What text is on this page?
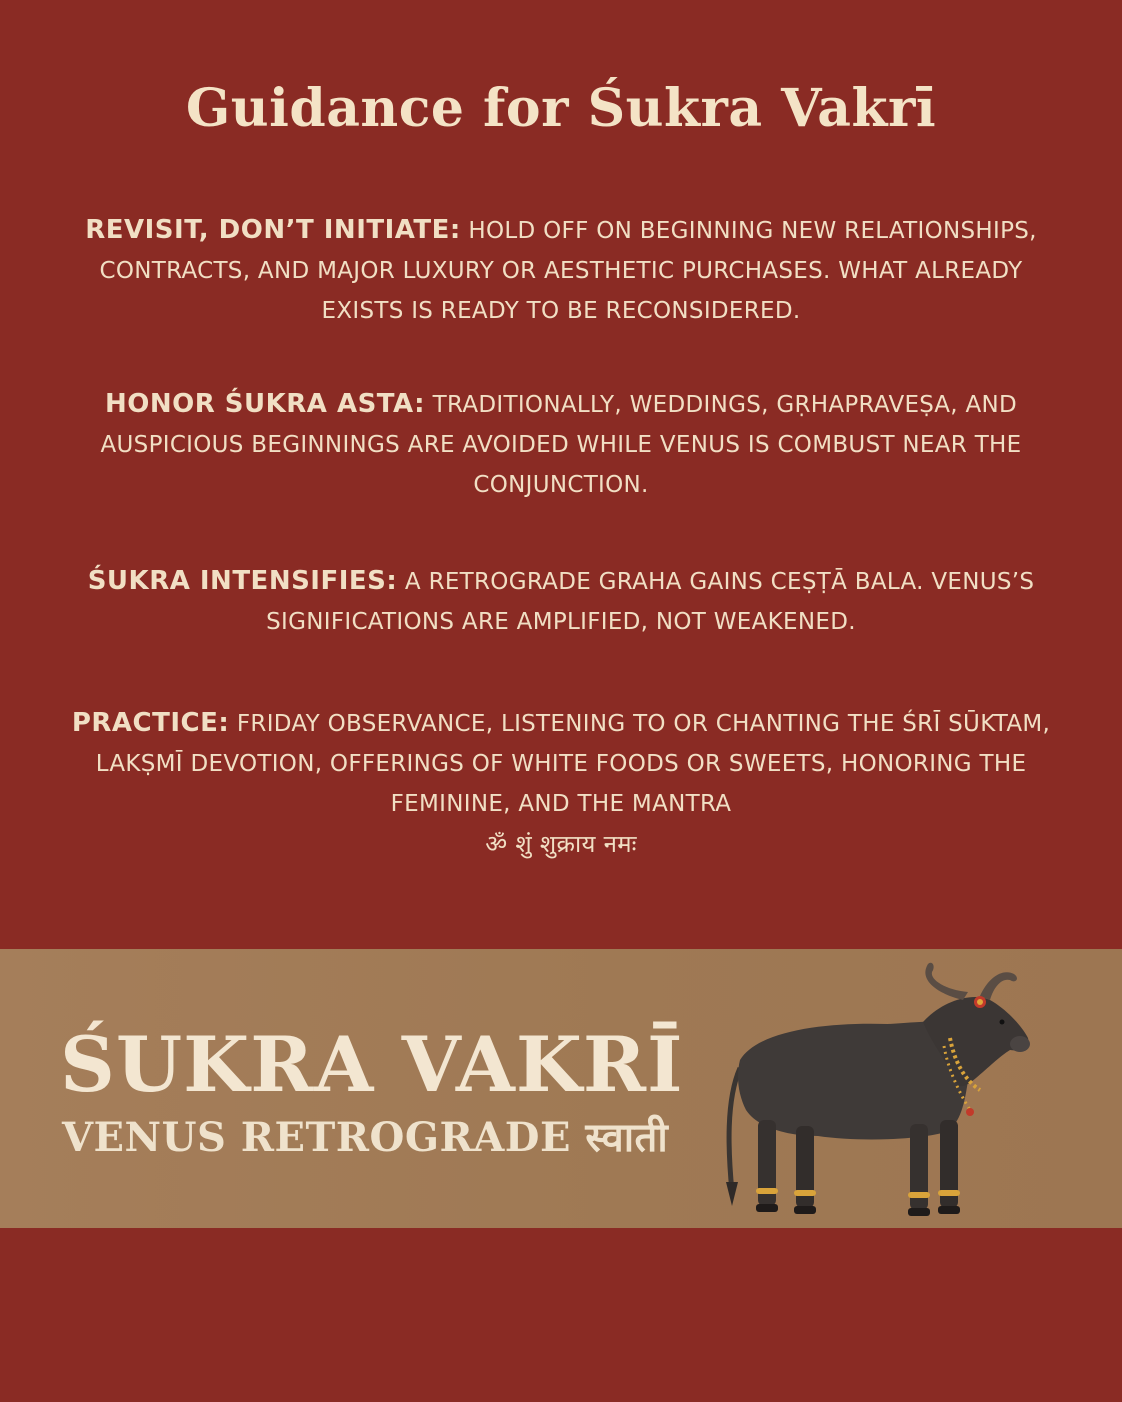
Guidance for Śukra Vakrī
REVISIT, DON’T INITIATE: HOLD OFF ON BEGINNING NEW RELATIONSHIPS, CONTRACTS, AND MAJOR LUXURY OR AESTHETIC PURCHASES. WHAT ALREADY EXISTS IS READY TO BE RECONSIDERED.
HONOR ŚUKRA ASTA: TRADITIONALLY, WEDDINGS, GṚHAPRAVEṢA, AND AUSPICIOUS BEGINNINGS ARE AVOIDED WHILE VENUS IS COMBUST NEAR THE CONJUNCTION.
ŚUKRA INTENSIFIES: A RETROGRADE GRAHA GAINS CEṢṬĀ BALA. VENUS’S SIGNIFICATIONS ARE AMPLIFIED, NOT WEAKENED.
PRACTICE: FRIDAY OBSERVANCE, LISTENING TO OR CHANTING THE ŚRĪ SŪKTAM, LAKṢMĪ DEVOTION, OFFERINGS OF WHITE FOODS OR SWEETS, HONORING THE FEMININE, AND THE MANTRA
ॐ शुं शुक्राय नमः
ŚUKRA VAKRĪ
VENUS RETROGRADE स्वाती
